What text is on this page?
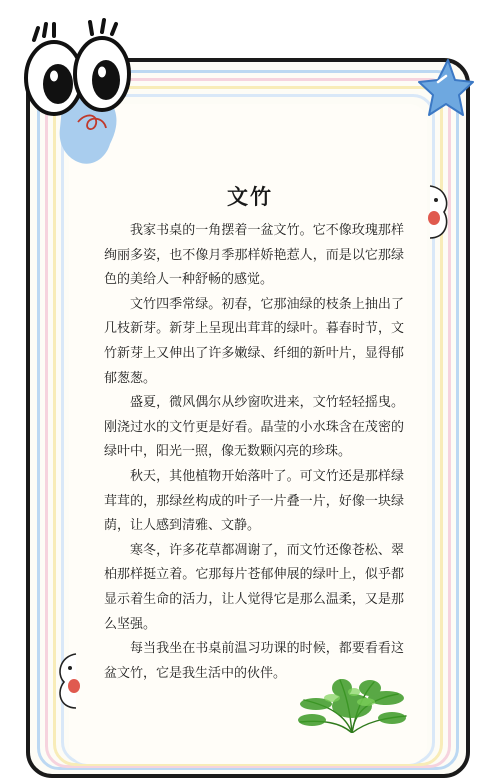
文竹

我家书桌的一角摆着一盆文竹。它不像玫瑰那样绚丽多姿，也不像月季那样娇艳惹人，而是以它那绿色的美给人一种舒畅的感觉。

文竹四季常绿。初春，它那油绿的枝条上抽出了几枝新芽。新芽上呈现出茸茸的绿叶。暮春时节，文竹新芽上又伸出了许多嫩绿、纤细的新叶片，显得郁郁葱葱。

盛夏，微风偶尔从纱窗吹进来，文竹轻轻摇曳。刚浇过水的文竹更是好看。晶莹的小水珠含在茂密的绿叶中，阳光一照，像无数颗闪亮的珍珠。

秋天，其他植物开始落叶了。可文竹还是那样绿茸茸的，那绿丝构成的叶子一片叠一片，好像一块绿荫，让人感到清雅、文静。

寒冬，许多花草都凋谢了，而文竹还像苍松、翠柏那样挺立着。它那每片苍郁伸展的绿叶上，似乎都显示着生命的活力，让人觉得它是那么温柔，又是那么坚强。

每当我坐在书桌前温习功课的时候，都要看看这盆文竹，它是我生活中的伙伴。
